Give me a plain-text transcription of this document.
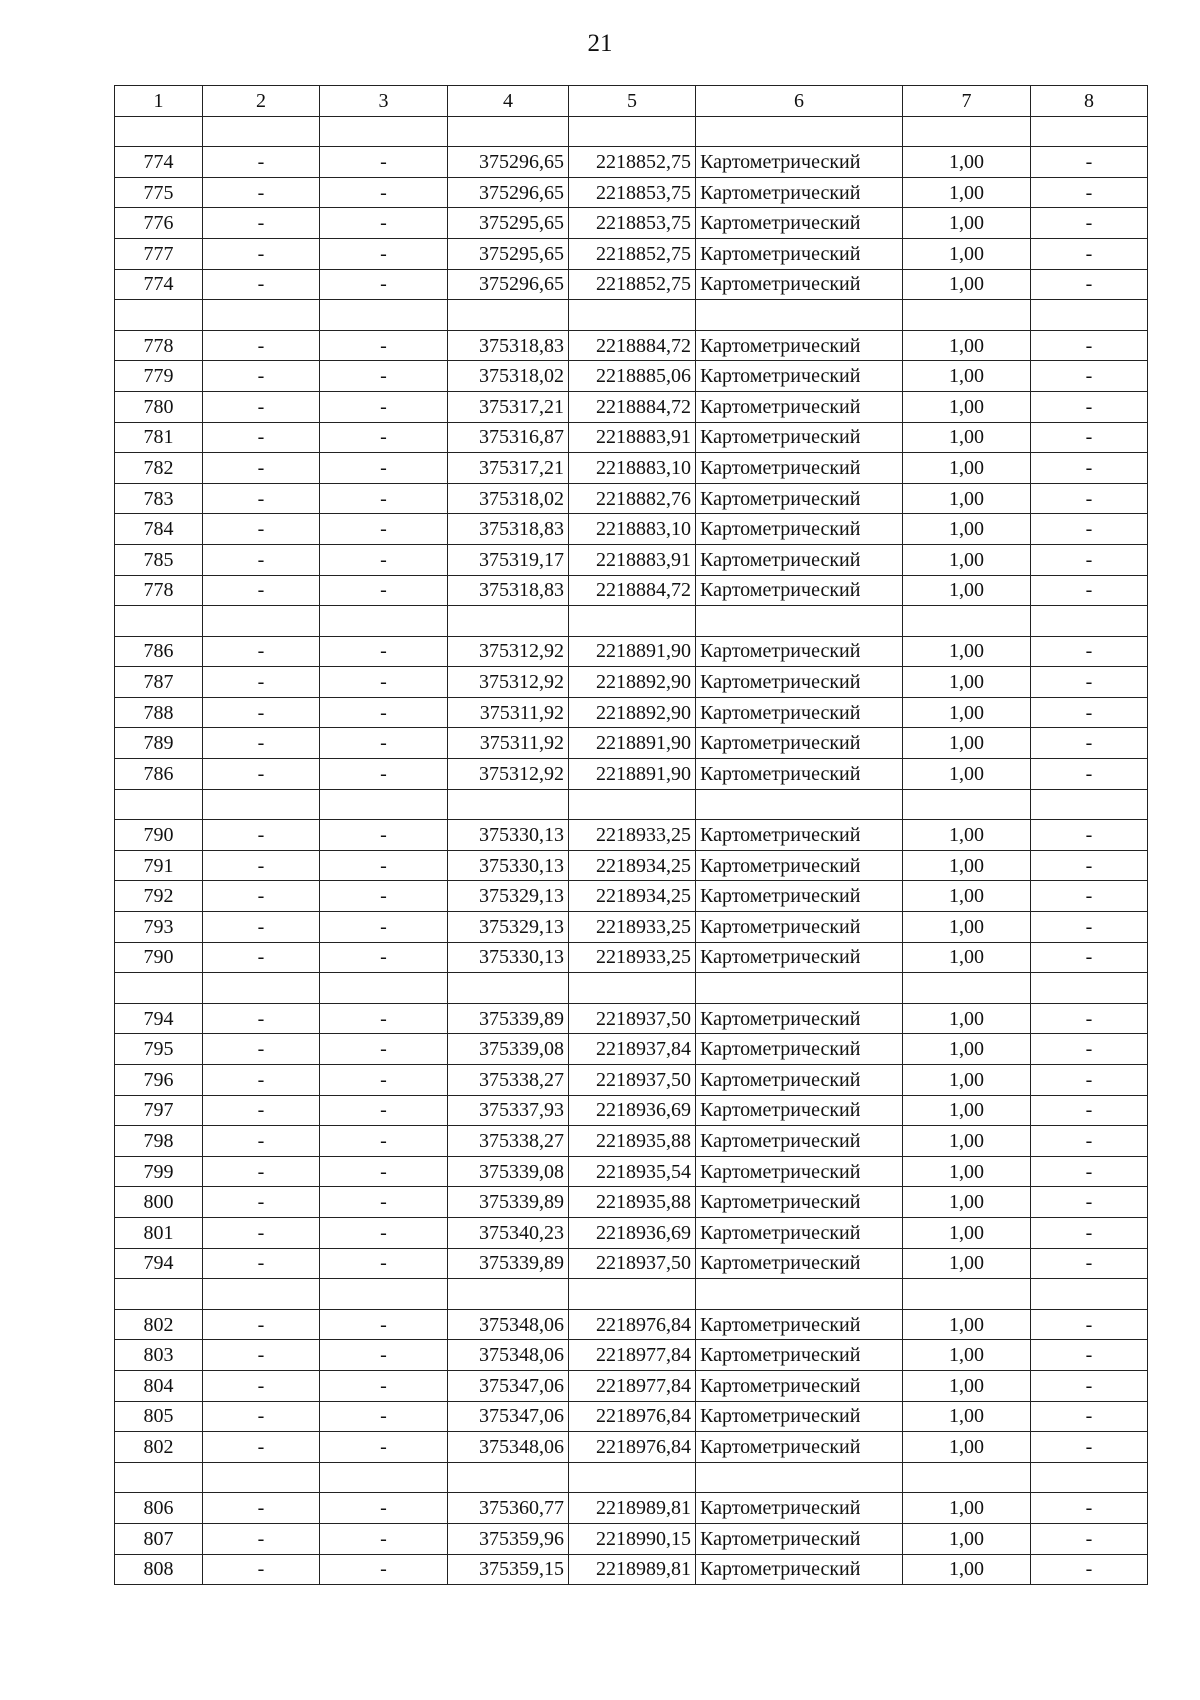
21
1	2	3	4	5	6	7	8

774	-	-	375296,65	2218852,75	Картометрический	1,00	-
775	-	-	375296,65	2218853,75	Картометрический	1,00	-
776	-	-	375295,65	2218853,75	Картометрический	1,00	-
777	-	-	375295,65	2218852,75	Картометрический	1,00	-
774	-	-	375296,65	2218852,75	Картометрический	1,00	-

778	-	-	375318,83	2218884,72	Картометрический	1,00	-
779	-	-	375318,02	2218885,06	Картометрический	1,00	-
780	-	-	375317,21	2218884,72	Картометрический	1,00	-
781	-	-	375316,87	2218883,91	Картометрический	1,00	-
782	-	-	375317,21	2218883,10	Картометрический	1,00	-
783	-	-	375318,02	2218882,76	Картометрический	1,00	-
784	-	-	375318,83	2218883,10	Картометрический	1,00	-
785	-	-	375319,17	2218883,91	Картометрический	1,00	-
778	-	-	375318,83	2218884,72	Картометрический	1,00	-

786	-	-	375312,92	2218891,90	Картометрический	1,00	-
787	-	-	375312,92	2218892,90	Картометрический	1,00	-
788	-	-	375311,92	2218892,90	Картометрический	1,00	-
789	-	-	375311,92	2218891,90	Картометрический	1,00	-
786	-	-	375312,92	2218891,90	Картометрический	1,00	-

790	-	-	375330,13	2218933,25	Картометрический	1,00	-
791	-	-	375330,13	2218934,25	Картометрический	1,00	-
792	-	-	375329,13	2218934,25	Картометрический	1,00	-
793	-	-	375329,13	2218933,25	Картометрический	1,00	-
790	-	-	375330,13	2218933,25	Картометрический	1,00	-

794	-	-	375339,89	2218937,50	Картометрический	1,00	-
795	-	-	375339,08	2218937,84	Картометрический	1,00	-
796	-	-	375338,27	2218937,50	Картометрический	1,00	-
797	-	-	375337,93	2218936,69	Картометрический	1,00	-
798	-	-	375338,27	2218935,88	Картометрический	1,00	-
799	-	-	375339,08	2218935,54	Картометрический	1,00	-
800	-	-	375339,89	2218935,88	Картометрический	1,00	-
801	-	-	375340,23	2218936,69	Картометрический	1,00	-
794	-	-	375339,89	2218937,50	Картометрический	1,00	-

802	-	-	375348,06	2218976,84	Картометрический	1,00	-
803	-	-	375348,06	2218977,84	Картометрический	1,00	-
804	-	-	375347,06	2218977,84	Картометрический	1,00	-
805	-	-	375347,06	2218976,84	Картометрический	1,00	-
802	-	-	375348,06	2218976,84	Картометрический	1,00	-

806	-	-	375360,77	2218989,81	Картометрический	1,00	-
807	-	-	375359,96	2218990,15	Картометрический	1,00	-
808	-	-	375359,15	2218989,81	Картометрический	1,00	-
